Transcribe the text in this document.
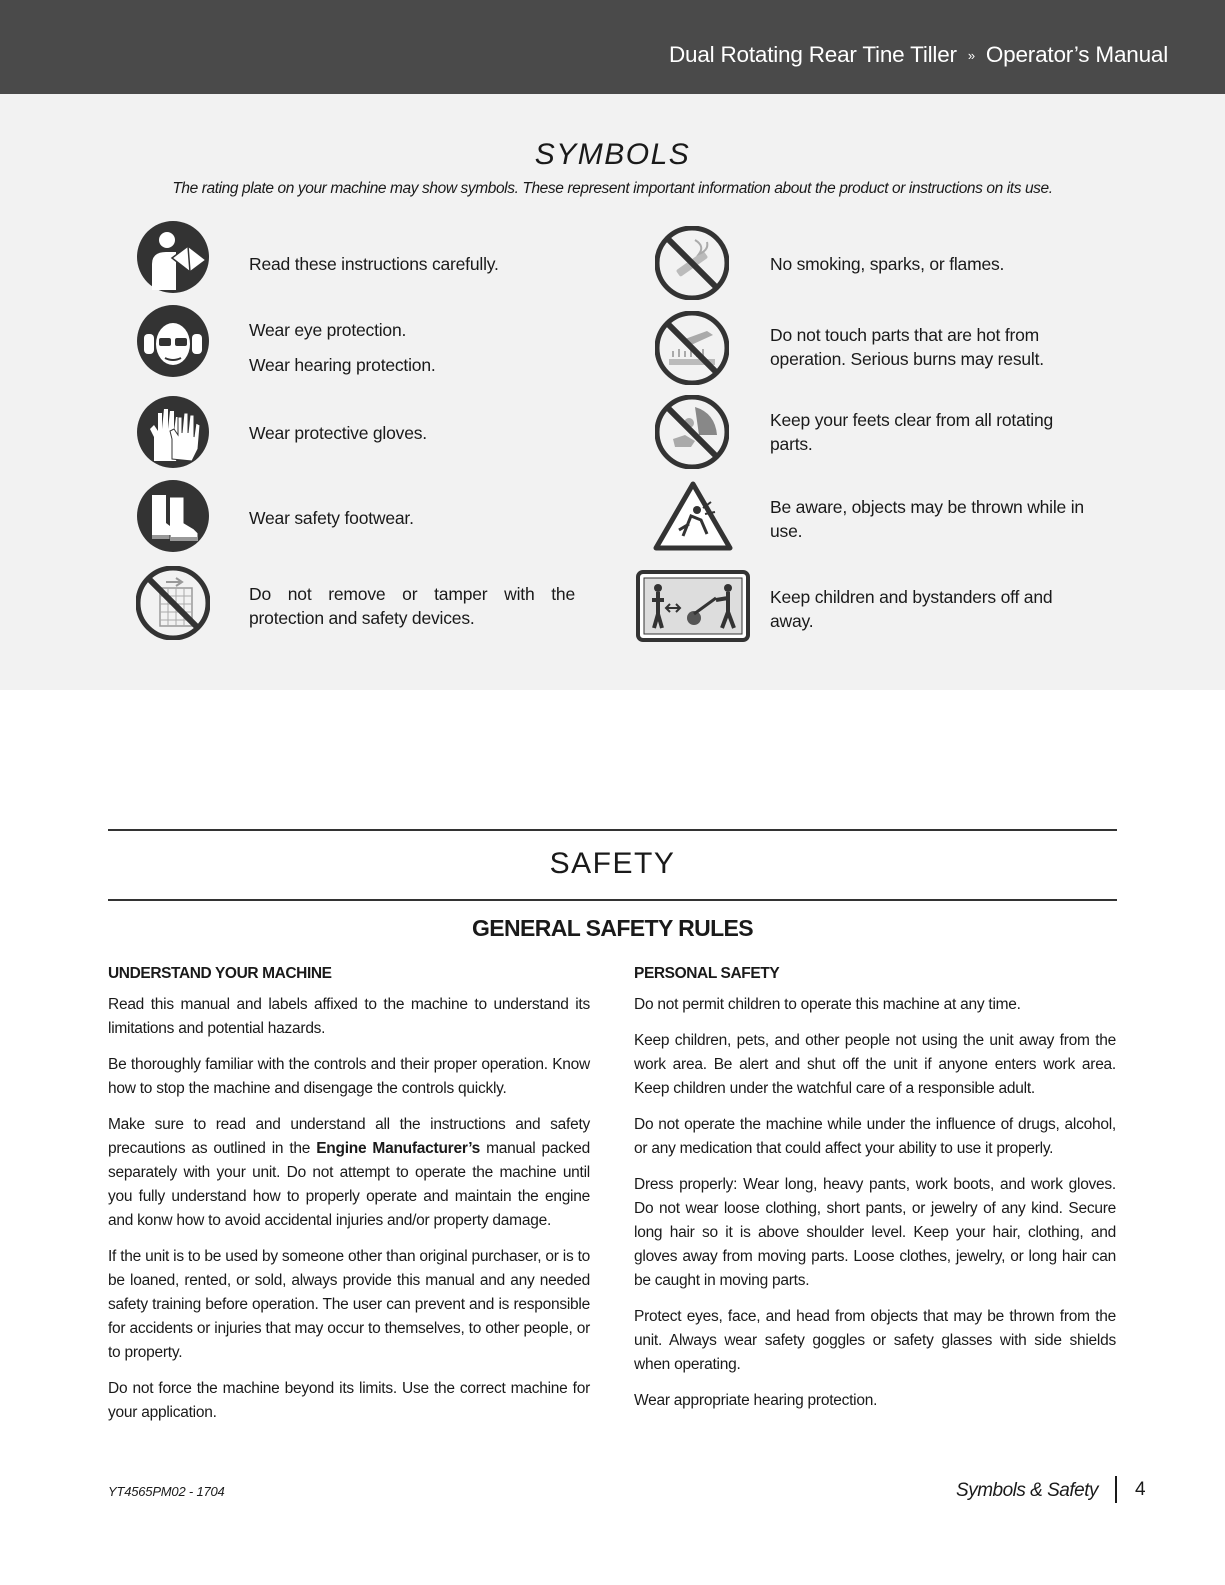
Dual Rotating Rear Tine Tiller » Operator’s Manual
SYMBOLS
The rating plate on your machine may show symbols. These represent important information about the product or instructions on its use.
Read these instructions carefully.
Wear eye protection.
Wear hearing protection.
Wear protective gloves.
Wear safety footwear.
Do not remove or tamper with the protection and safety devices.
No smoking, sparks, or flames.
Do not touch parts that are hot from operation. Serious burns may result.
Keep your feets clear from all rotating parts.
Be aware, objects may be thrown while in use.
Keep children and bystanders off and away.
SAFETY
GENERAL SAFETY RULES
UNDERSTAND YOUR MACHINE

Read this manual and labels affixed to the machine to understand its limitations and potential hazards.

Be thoroughly familiar with the controls and their proper operation. Know how to stop the machine and disengage the controls quickly.

Make sure to read and understand all the instructions and safety precautions as outlined in the Engine Manufacturer’s manual packed separately with your unit. Do not attempt to operate the machine until you fully understand how to properly operate and maintain the engine and konw how to avoid accidental injuries and/or property damage.

If the unit is to be used by someone other than original purchaser, or is to be loaned, rented, or sold, always provide this manual and any needed safety training before operation. The user can prevent and is responsible for accidents or injuries that may occur to themselves, to other people, or to property.

Do not force the machine beyond its limits. Use the correct machine for your application.

PERSONAL SAFETY

Do not permit children to operate this machine at any time.

Keep children, pets, and other people not using the unit away from the work area. Be alert and shut off the unit if anyone enters work area. Keep children under the watchful care of a responsible adult.

Do not operate the machine while under the influence of drugs, alcohol, or any medication that could affect your ability to use it properly.

Dress properly: Wear long, heavy pants, work boots, and work gloves. Do not wear loose clothing, short pants, or jewelry of any kind. Secure long hair so it is above shoulder level. Keep your hair, clothing, and gloves away from moving parts. Loose clothes, jewelry, or long hair can be caught in moving parts.

Protect eyes, face, and head from objects that may be thrown from the unit. Always wear safety goggles or safety glasses with side shields when operating.

Wear appropriate hearing protection.

YT4565PM02 - 1704	Symbols & Safety 4
